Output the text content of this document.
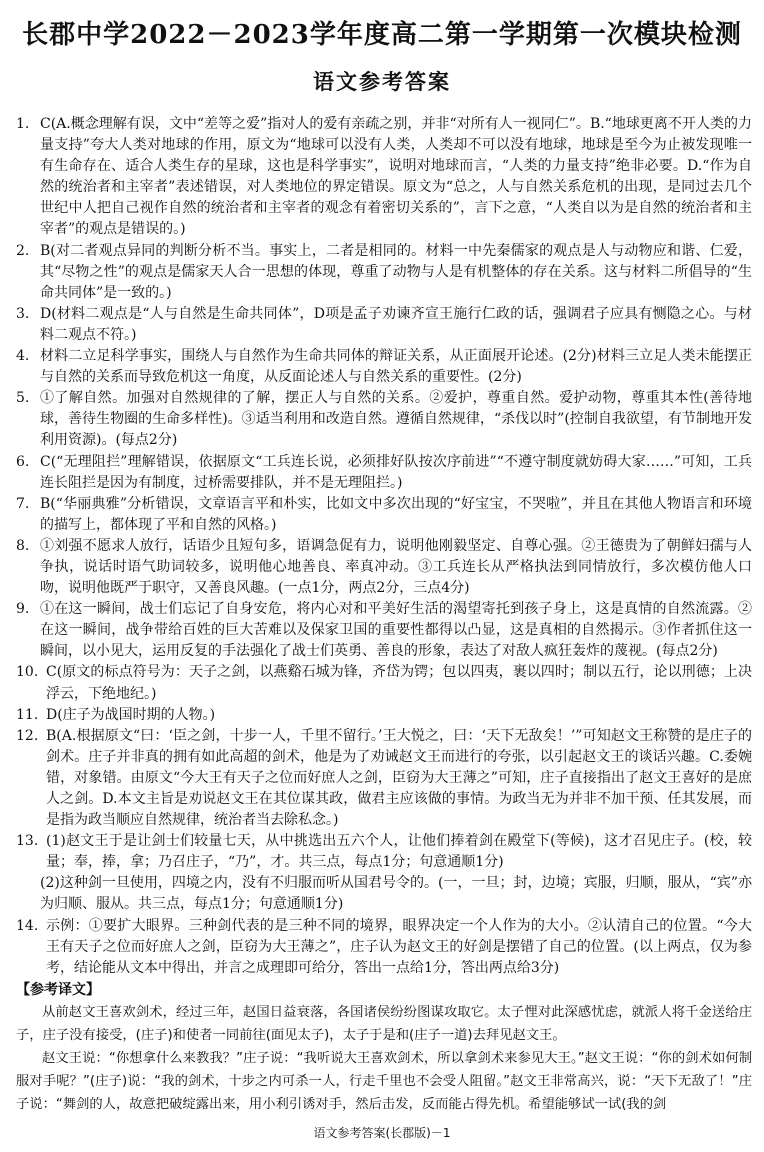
长郡中学2022－2023学年度高二第一学期第一次模块检测
语文参考答案
1. C(A.概念理解有误，文中“差等之爱”指对人的爱有亲疏之别，并非“对所有人一视同仁”。B.“地球更离不开人类的力量支持”夸大人类对地球的作用，原文为“地球可以没有人类，人类却不可以没有地球，地球是至今为止被发现唯一有生命存在、适合人类生存的星球，这也是科学事实”，说明对地球而言，“人类的力量支持”绝非必要。D.“作为自然的统治者和主宰者”表述错误，对人类地位的界定错误。原文为“总之，人与自然关系危机的出现，是同过去几个世纪中人把自己视作自然的统治者和主宰者的观念有着密切关系的”，言下之意，“人类自以为是自然的统治者和主宰者”的观点是错误的。)
2. B(对二者观点异同的判断分析不当。事实上，二者是相同的。材料一中先秦儒家的观点是人与动物应和谐、仁爱，其“尽物之性”的观点是儒家天人合一思想的体现，尊重了动物与人是有机整体的存在关系。这与材料二所倡导的“生命共同体”是一致的。)
3. D(材料二观点是“人与自然是生命共同体”，D项是孟子劝谏齐宣王施行仁政的话，强调君子应具有恻隐之心。与材料二观点不符。)
4. 材料二立足科学事实，围绕人与自然作为生命共同体的辩证关系，从正面展开论述。(2分)材料三立足人类未能摆正与自然的关系而导致危机这一角度，从反面论述人与自然关系的重要性。(2分)
5. ①了解自然。加强对自然规律的了解，摆正人与自然的关系。②爱护，尊重自然。爱护动物，尊重其本性(善待地球，善待生物圈的生命多样性)。③适当利用和改造自然。遵循自然规律，“杀伐以时”(控制自我欲望，有节制地开发利用资源)。(每点2分)
6. C(“无理阻拦”理解错误，依据原文“工兵连长说，必须排好队按次序前进”“不遵守制度就妨碍大家……”可知，工兵连长阻拦是因为有制度，过桥需要排队，并不是无理阻拦。)
7. B(“华丽典雅”分析错误，文章语言平和朴实，比如文中多次出现的“好宝宝，不哭啦”，并且在其他人物语言和环境的描写上，都体现了平和自然的风格。)
8. ①刘强不愿求人放行，话语少且短句多，语调急促有力，说明他刚毅坚定、自尊心强。②王德贵为了朝鲜妇孺与人争执，说话时语气助词较多，说明他心地善良、率真冲动。③工兵连长从严格执法到同情放行，多次模仿他人口吻，说明他既严于职守，又善良风趣。(一点1分，两点2分，三点4分)
9. ①在这一瞬间，战士们忘记了自身安危，将内心对和平美好生活的渴望寄托到孩子身上，这是真情的自然流露。②在这一瞬间，战争带给百姓的巨大苦难以及保家卫国的重要性都得以凸显，这是真相的自然揭示。③作者抓住这一瞬间，以小见大，运用反复的手法强化了战士们英勇、善良的形象，表达了对敌人疯狂轰炸的蔑视。(每点2分)
10. C(原文的标点符号为：天子之剑，以燕谿石城为锋，齐岱为锷；包以四夷，裹以四时；制以五行，论以刑德；上决浮云，下绝地纪。)
11. D(庄子为战国时期的人物。)
12. B(A.根据原文“曰：‘臣之剑，十步一人，千里不留行。’王大悦之，曰：‘天下无敌矣！’”可知赵文王称赞的是庄子的剑术。庄子并非真的拥有如此高超的剑术，他是为了劝诫赵文王而进行的夸张，以引起赵文王的谈话兴趣。C.委婉错，对象错。由原文“今大王有天子之位而好庶人之剑，臣窃为大王薄之”可知，庄子直接指出了赵文王喜好的是庶人之剑。D.本文主旨是劝说赵文王在其位谋其政，做君主应该做的事情。为政当无为并非不加干预、任其发展，而是指为政当顺应自然规律，统治者当去除私念。)
13. (1)赵文王于是让剑士们较量七天，从中挑选出五六个人，让他们捧着剑在殿堂下(等候)，这才召见庄子。(校，较量；奉，捧，拿；乃召庄子，“乃”，才。共三点，每点1分；句意通顺1分)
(2)这种剑一旦使用，四境之内，没有不归服而听从国君号令的。(一，一旦；封，边境；宾服，归顺，服从，“宾”亦为归顺、服从。共三点，每点1分；句意通顺1分)
14. 示例：①要扩大眼界。三种剑代表的是三种不同的境界，眼界决定一个人作为的大小。②认清自己的位置。“今大王有天子之位而好庶人之剑，臣窃为大王薄之”，庄子认为赵文王的好剑是摆错了自己的位置。(以上两点，仅为参考，结论能从文本中得出，并言之成理即可给分，答出一点给1分，答出两点给3分)
【参考译文】
从前赵文王喜欢剑术，经过三年，赵国日益衰落，各国诸侯纷纷图谋攻取它。太子悝对此深感忧虑，就派人将千金送给庄子，庄子没有接受，(庄子)和使者一同前往(面见太子)，太子于是和(庄子一道)去拜见赵文王。
赵文王说：“你想拿什么来教我？”庄子说：“我听说大王喜欢剑术，所以拿剑术来参见大王。”赵文王说：“你的剑术如何制服对手呢？”(庄子)说：“我的剑术，十步之内可杀一人，行走千里也不会受人阻留。”赵文王非常高兴，说：“天下无敌了！”庄子说：“舞剑的人，故意把破绽露出来，用小利引诱对手，然后击发，反而能占得先机。希望能够试一试(我的剑
语文参考答案(长郡版)－1
